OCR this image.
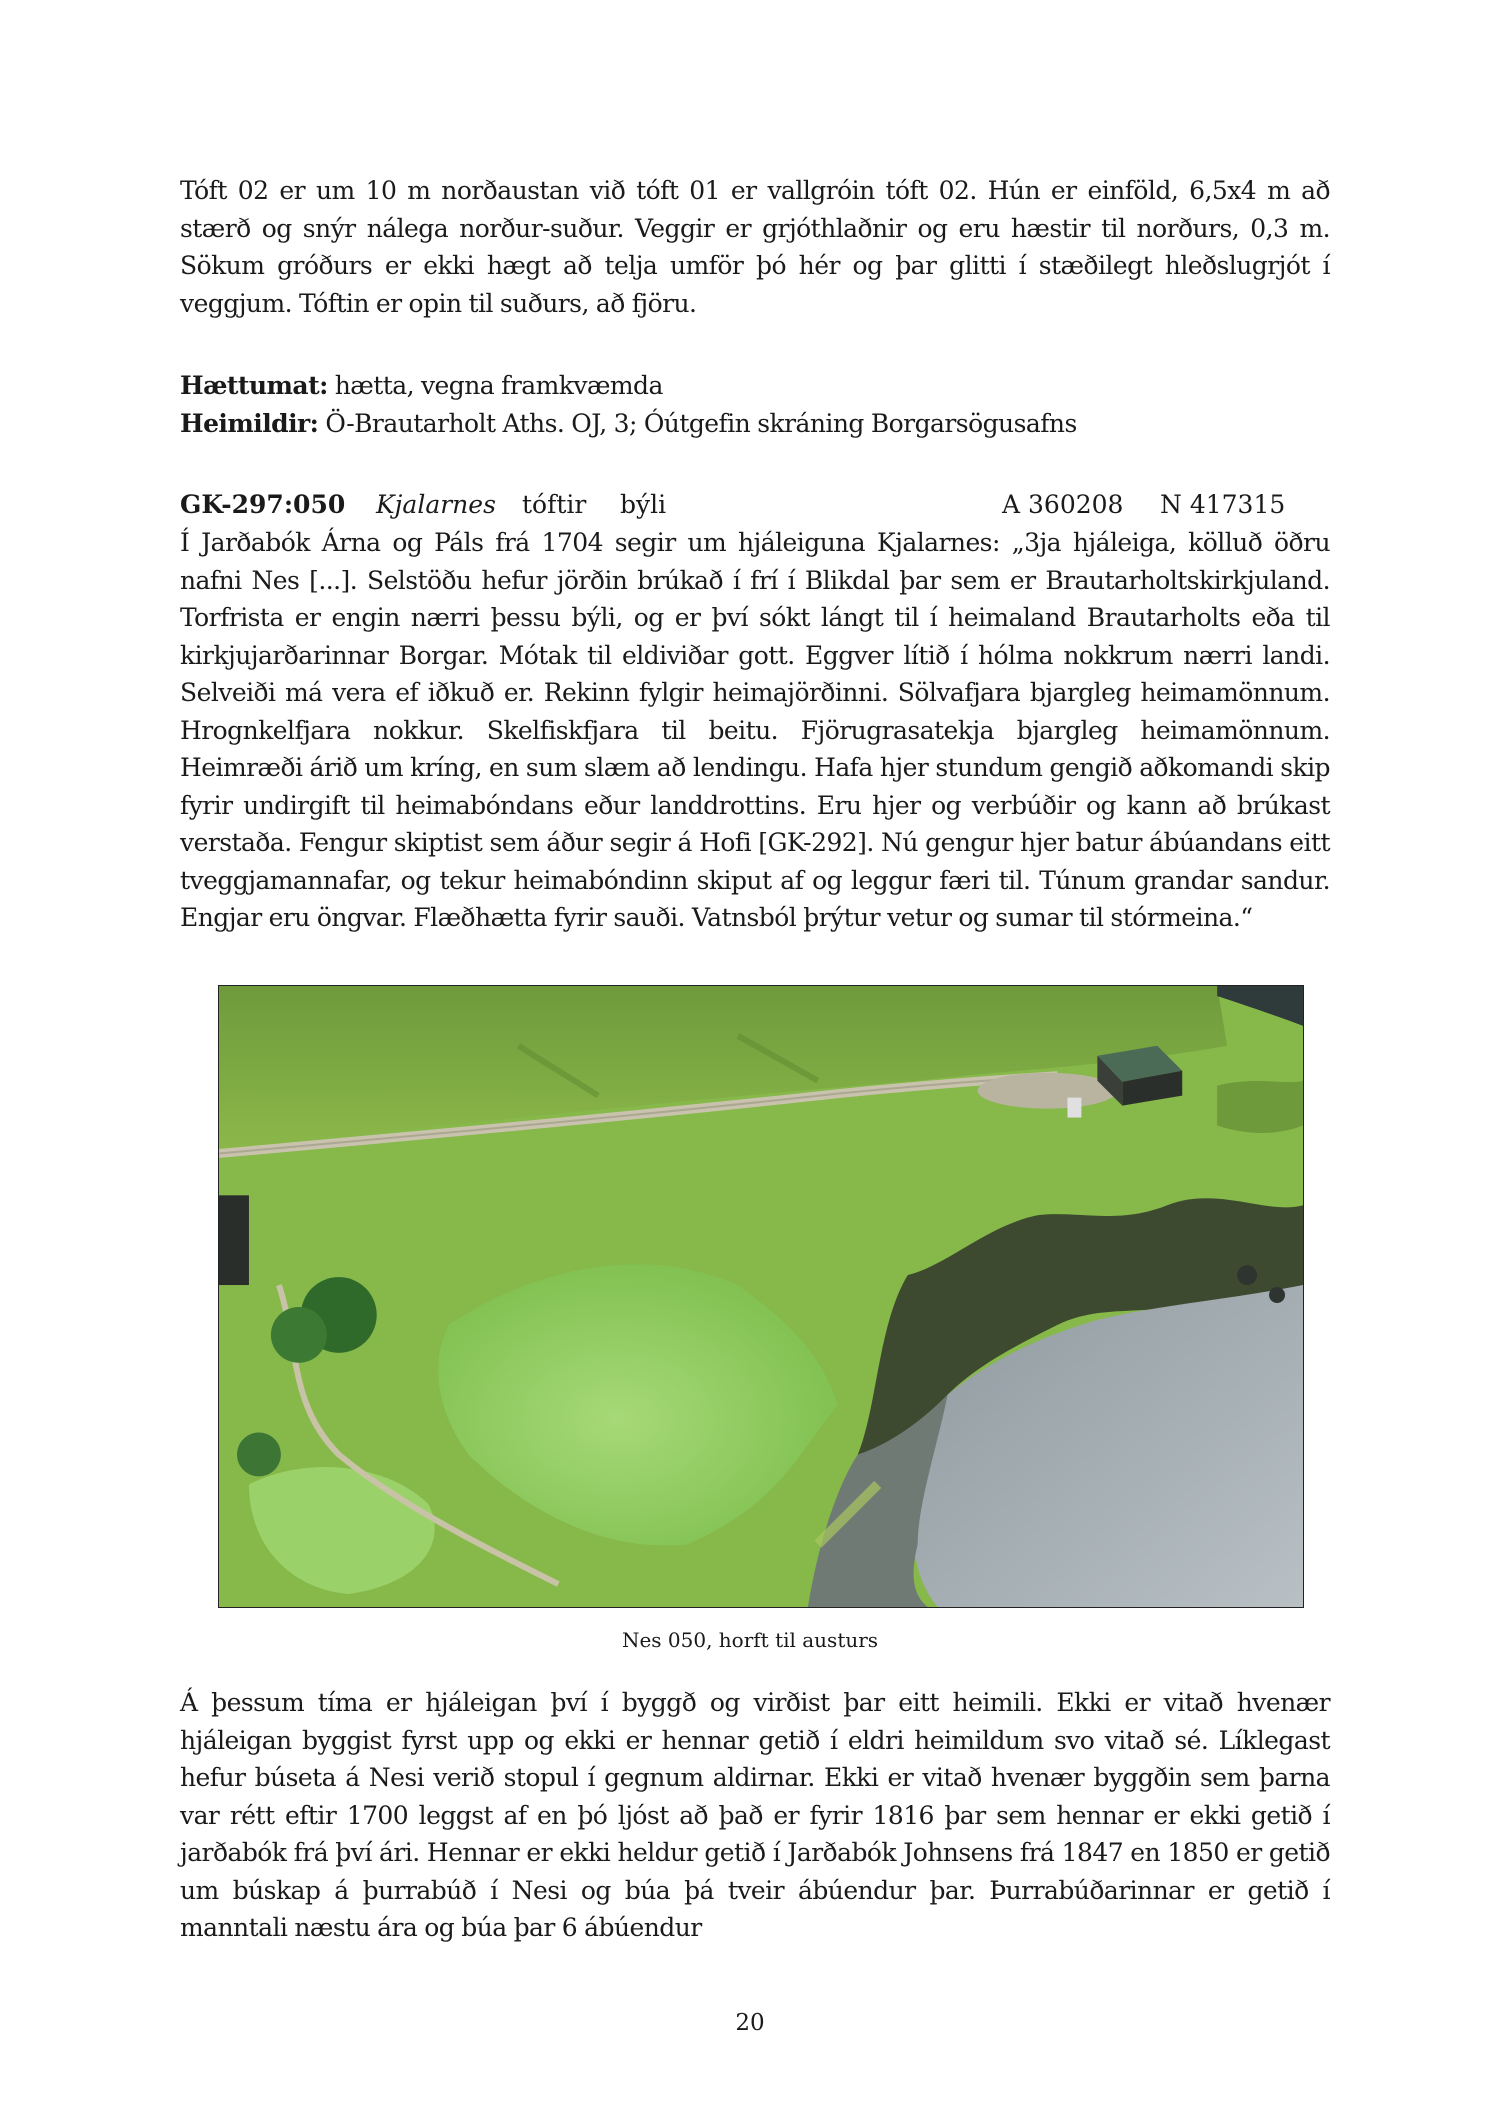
Tóft 02 er um 10 m norðaustan við tóft 01 er vallgróin tóft 02. Hún er einföld, 6,5x4 m að stærð og snýr nálega norður-suður. Veggir er grjóthlaðnir og eru hæstir til norðurs, 0,3 m. Sökum gróðurs er ekki hægt að telja umför þó hér og þar glitti í stæðilegt hleðslugrjót í veggjum. Tóftin er opin til suðurs, að fjöru.
Hættumat: hætta, vegna framkvæmda
Heimildir: Ö-Brautarholt Aths. OJ, 3; Óútgefin skráning Borgarsögusafns
GK-297:050 Kjalarnes tóftir býli	A 360208 N 417315
Í Jarðabók Árna og Páls frá 1704 segir um hjáleiguna Kjalarnes: „3ja hjáleiga, kölluð öðru nafni Nes [...]. Selstöðu hefur jörðin brúkað í frí í Blikdal þar sem er Brautarholtskirkjuland. Torfrista er engin nærri þessu býli, og er því sókt lángt til í heimaland Brautarholts eða til kirkjujarðarinnar Borgar. Mótak til eldiviðar gott. Eggver lítið í hólma nokkrum nærri landi. Selveiði má vera ef iðkuð er. Rekinn fylgir heimajörðinni. Sölvafjara bjargleg heimamönnum. Hrognkelfjara nokkur. Skelfiskfjara til beitu. Fjörugrasatekja bjargleg heimamönnum. Heimræði árið um kríng, en sum slæm að lendingu. Hafa hjer stundum gengið aðkomandi skip fyrir undirgift til heimabóndans eður landdrottins. Eru hjer og verbúðir og kann að brúkast verstaða. Fengur skiptist sem áður segir á Hofi [GK-292]. Nú gengur hjer batur ábúandans eitt tveggjamannafar, og tekur heimabóndinn skiput af og leggur færi til. Túnum grandar sandur. Engjar eru öngvar. Flæðhætta fyrir sauði. Vatnsból þrýtur vetur og sumar til stórmeina.“
Nes 050, horft til austurs
Á þessum tíma er hjáleigan því í byggð og virðist þar eitt heimili. Ekki er vitað hvenær hjáleigan byggist fyrst upp og ekki er hennar getið í eldri heimildum svo vitað sé. Líklegast hefur búseta á Nesi verið stopul í gegnum aldirnar. Ekki er vitað hvenær byggðin sem þarna var rétt eftir 1700 leggst af en þó ljóst að það er fyrir 1816 þar sem hennar er ekki getið í jarðabók frá því ári. Hennar er ekki heldur getið í Jarðabók Johnsens frá 1847 en 1850 er getið um búskap á þurrabúð í Nesi og búa þá tveir ábúendur þar. Þurrabúðarinnar er getið í manntali næstu ára og búa þar 6 ábúendur
20
